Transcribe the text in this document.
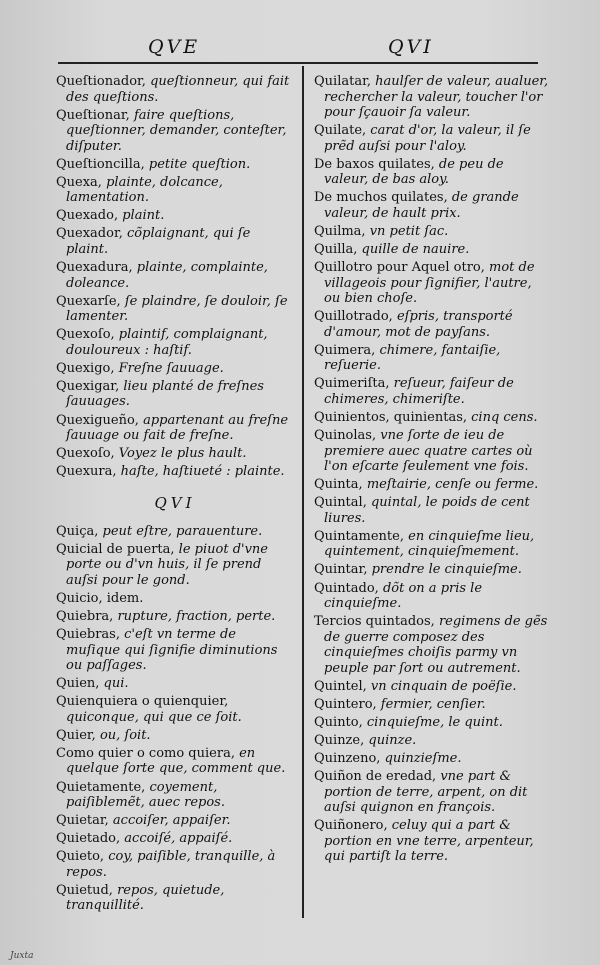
QVE	QVI

Queſtionador, queſtionneur, qui fait des queſtions.

Queſtionar, faire queſtions, queſtionner, demander, conteſter, diſputer.

Queſtioncilla, petite queſtion.

Quexa, plainte, dolcance, lamentation.

Quexado, plaint.

Quexador, cõplaignant, qui ſe plaint.

Quexadura, plainte, complainte, doleance.

Quexarſe, ſe plaindre, ſe douloir, ſe lamenter.

Quexoſo, plaintif, complaignant, douloureux : haſtif.

Quexigo, Freſne ſauuage.

Quexigar, lieu planté de freſnes ſauuages.

Quexigueño, appartenant au freſne ſauuage ou fait de freſne.

Quexoſo, Voyez le plus hault.

Quexura, haſte, haſtiueté : plainte.

QVI

Quiça, peut eſtre, parauenture.

Quicial de puerta, le piuot d'vne porte ou d'vn huis, il ſe prend auſsi pour le gond.

Quicio, idem.

Quiebra, rupture, fraction, perte.

Quiebras, c'eſt vn terme de muſique qui ſignifie diminutions ou paſſages.

Quien, qui.

Quienquiera o quienquier, quiconque, qui que ce ſoit.

Quier, ou, ſoit.

Como quier o como quiera, en quelque ſorte que, comment que.

Quietamente, coyement, paiſiblemẽt, auec repos.

Quietar, accoiſer, appaiſer.

Quietado, accoiſé, appaiſé.

Quieto, coy, paiſible, tranquille, à repos.

Quietud, repos, quietude, tranquillité.

Quilatar, haulſer de valeur, aualuer, rechercher la valeur, toucher l'or pour ſçauoir ſa valeur.

Quilate, carat d'or, la valeur, il ſe prẽd auſsi pour l'aloy.

De baxos quilates, de peu de valeur, de bas aloy.

De muchos quilates, de grande valeur, de hault prix.

Quilma, vn petit ſac.

Quilla, quille de nauire.

Quillotro pour Aquel otro, mot de villageois pour ſignifier, l'autre, ou bien choſe.

Quillotrado, eſpris, transporté d'amour, mot de payſans.

Quimera, chimere, fantaiſie, reſuerie.

Quimeriſta, reſueur, faiſeur de chimeres, chimeriſte.

Quinientos, quinientas, cinq cens.

Quinolas, vne ſorte de ieu de premiere auec quatre cartes où l'on eſcarte ſeulement vne fois.

Quinta, meſtairie, cenſe ou ferme.

Quintal, quintal, le poids de cent liures.

Quintamente, en cinquieſme lieu, quintement, cinquieſmement.

Quintar, prendre le cinquieſme.

Quintado, dõt on a pris le cinquieſme.

Tercios quintados, regimens de gẽs de guerre composez des cinquieſmes choiſis parmy vn peuple par ſort ou autrement.

Quintel, vn cinquain de poëſie.

Quintero, fermier, cenſier.

Quinto, cinquieſme, le quint.

Quinze, quinze.

Quinzeno, quinzieſme.

Quiñon de eredad, vne part & portion de terre, arpent, on dit auſsi quignon en françois.

Quiñonero, celuy qui a part & portion en vne terre, arpenteur, qui partiſt la terre.

Juxta
